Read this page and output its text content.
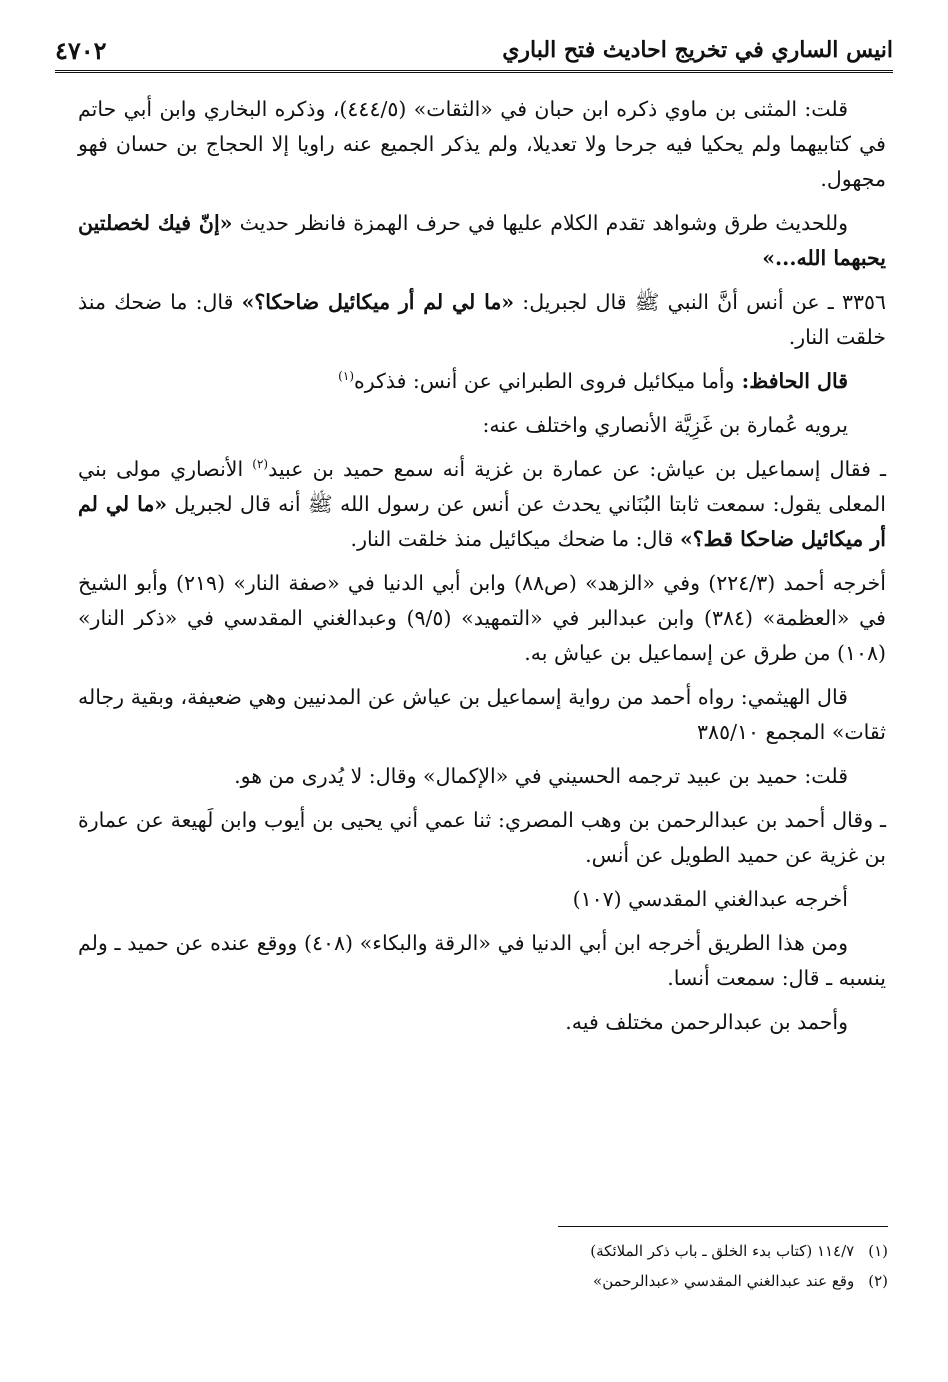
٤٧٠٢	انيس الساري في تخريج احاديث فتح الباري

قلت: المثنى بن ماوي ذكره ابن حبان في «الثقات» (٤٤٤/٥)، وذكره البخاري وابن أبي حاتم في كتابيهما ولم يحكيا فيه جرحا ولا تعديلا، ولم يذكر الجميع عنه راويا إلا الحجاج بن حسان فهو مجهول.

وللحديث طرق وشواهد تقدم الكلام عليها في حرف الهمزة فانظر حديث «إنّ فيك لخصلتين يحبهما الله...»

٣٣٥٦ ـ عن أنس أنَّ النبي ﷺ قال لجبريل: «ما لي لم أر ميكائيل ضاحكا؟» قال: ما ضحك منذ خلقت النار.

قال الحافظ: وأما ميكائيل فروى الطبراني عن أنس: فذكره$^{(١)}$

يرويه عُمارة بن غَزِيَّة الأنصاري واختلف عنه:

ـ فقال إسماعيل بن عياش: عن عمارة بن غزية أنه سمع حميد بن عبيد$^{(٢)}$ الأنصاري مولى بني المعلى يقول: سمعت ثابتا البُنَاني يحدث عن أنس عن رسول الله ﷺ أنه قال لجبريل «ما لي لم أر ميكائيل ضاحكا قط؟» قال: ما ضحك ميكائيل منذ خلقت النار.

أخرجه أحمد (٢٢٤/٣) وفي «الزهد» (ص٨٨) وابن أبي الدنيا في «صفة النار» (٢١٩) وأبو الشيخ في «العظمة» (٣٨٤) وابن عبدالبر في «التمهيد» (٩/٥) وعبدالغني المقدسي في «ذكر النار» (١٠٨) من طرق عن إسماعيل بن عياش به.

قال الهيثمي: رواه أحمد من رواية إسماعيل بن عياش عن المدنيين وهي ضعيفة، وبقية رجاله ثقات» المجمع ٣٨٥/١٠

قلت: حميد بن عبيد ترجمه الحسيني في «الإكمال» وقال: لا يُدرى من هو.

ـ وقال أحمد بن عبدالرحمن بن وهب المصري: ثنا عمي أني يحيى بن أيوب وابن لَهيعة عن عمارة بن غزية عن حميد الطويل عن أنس.

أخرجه عبدالغني المقدسي (١٠٧)

ومن هذا الطريق أخرجه ابن أبي الدنيا في «الرقة والبكاء» (٤٠٨) ووقع عنده عن حميد ـ ولم ينسبه ـ قال: سمعت أنسا.

وأحمد بن عبدالرحمن مختلف فيه.

(١)١١٤/٧ (كتاب بدء الخلق ـ باب ذكر الملائكة)
(٢)وقع عند عبدالغني المقدسي «عبدالرحمن»
